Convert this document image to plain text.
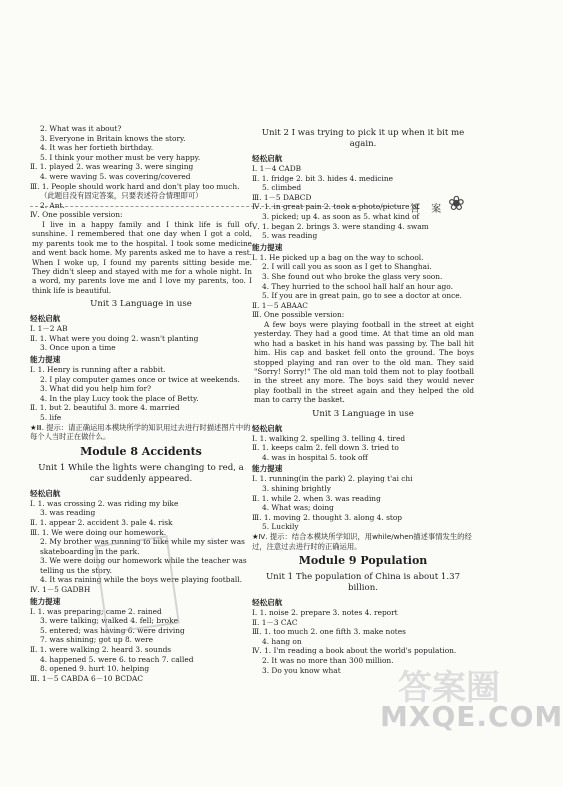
答 案 ❀
2. What was it about?
3. Everyone in Britain knows the story.
4. It was her fortieth birthday.
5. I think your mother must be very happy.
Ⅱ. 1. played 2. was wearing 3. were singing
4. were waving 5. was covering/covered
Ⅲ. 1. People should work hard and don't play too much.
（此题目没有固定答案，只要表述符合情理即可）
2. Ant.
Ⅳ. One possible version:
I live in a happy family and I think life is full of sunshine. I remembered that one day when I got a cold, my parents took me to the hospital. I took some medicine and went back home. My parents asked me to have a rest. When I woke up, I found my parents sitting beside me. They didn't sleep and stayed with me for a whole night. In a word, my parents love me and I love my parents, too. I think life is beautiful.
Unit 3 Language in use
轻松启航
Ⅰ. 1－2 AB
Ⅱ. 1. What were you doing 2. wasn't planting
3. Once upon a time
能力提速
Ⅰ. 1. Henry is running after a rabbit.
2. I play computer games once or twice at weekends.
3. What did you help him for?
4. In the play Lucy took the place of Betty.
Ⅱ. 1. but 2. beautiful 3. more 4. married
5. life
★Ⅲ. 提示：请正确运用本模块所学的知识用过去进行时描述图片中的每个人当时正在做什么。
Module 8 Accidents
Unit 1 While the lights were changing to red, a car suddenly appeared.
轻松启航
Ⅰ. 1. was crossing 2. was riding my bike
3. was reading
Ⅱ. 1. appear 2. accident 3. pale 4. risk
Ⅲ. 1. We were doing our homework.
2. My brother was running to bike while my sister was skateboarding in the park.
3. We were doing our homework while the teacher was telling us the story.
4. It was raining while the boys were playing football.
Ⅳ. 1－5 GADBH
能力提速
Ⅰ. 1. was preparing; came 2. rained
3. were talking; walked 4. fell; broke
5. entered; was having 6. were driving
7. was shining; got up 8. were
Ⅱ. 1. were walking 2. heard 3. sounds
4. happened 5. were 6. to reach 7. called
8. opened 9. hurt 10. helping
Ⅲ. 1－5 CABDA 6－10 BCDAC
Unit 2 I was trying to pick it up when it bit me again.
轻松启航
Ⅰ. 1－4 CADB
Ⅱ. 1. fridge 2. bit 3. hides 4. medicine
5. climbed
Ⅲ. 1－5 DABCD
Ⅳ. 1. in great pain 2. took a photo/picture of
3. picked; up 4. as soon as 5. what kind of
Ⅴ. 1. began 2. brings 3. were standing 4. swam
5. was reading
能力提速
Ⅰ. 1. He picked up a bag on the way to school.
2. I will call you as soon as I get to Shanghai.
3. She found out who broke the glass very soon.
4. They hurried to the school hall half an hour ago.
5. If you are in great pain, go to see a doctor at once.
Ⅱ. 1－5 ABAAC
Ⅲ. One possible version:
A few boys were playing football in the street at eight yesterday. They had a good time. At that time an old man who had a basket in his hand was passing by. The ball hit him. His cap and basket fell onto the ground. The boys stopped playing and ran over to the old man. They said "Sorry! Sorry!" The old man told them not to play football in the street any more. The boys said they would never play football in the street again and they helped the old man to carry the basket.
Unit 3 Language in use
轻松启航
Ⅰ. 1. walking 2. spelling 3. telling 4. tired
Ⅱ. 1. keeps calm 2. fell down 3. tried to
4. was in hospital 5. took off
能力提速
Ⅰ. 1. running(in the park) 2. playing t'ai chi
3. shining brightly
Ⅱ. 1. while 2. when 3. was reading
4. What was; doing
Ⅲ. 1. moving 2. thought 3. along 4. stop
5. Luckily
★Ⅳ. 提示：结合本模块所学知识，用while/when描述事情发生的经过，注意过去进行时的正确运用。
Module 9 Population
Unit 1 The population of China is about 1.37 billion.
轻松启航
Ⅰ. 1. noise 2. prepare 3. notes 4. report
Ⅱ. 1－3 CAC
Ⅲ. 1. too much 2. one fifth 3. make notes
4. hang on
Ⅳ. 1. I'm reading a book about the world's population.
2. It was no more than 300 million.
3. Do you know what	答案圈
MXQE.COM
